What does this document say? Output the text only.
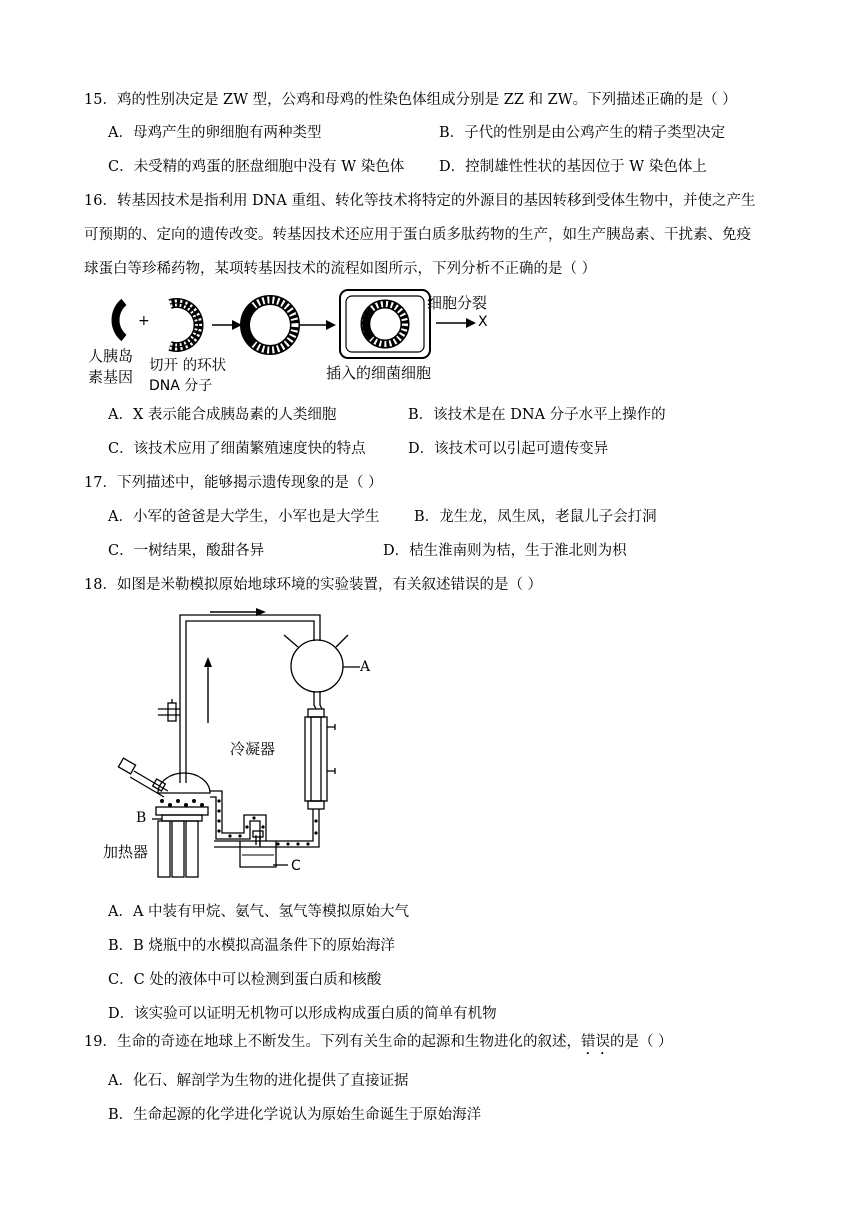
15．鸡的性别决定是 ZW 型，公鸡和母鸡的性染色体组成分别是 ZZ 和 ZW。下列描述正确的是（ ）
A．母鸡产生的卵细胞有两种类型	B．子代的性别是由公鸡产生的精子类型决定
C．未受精的鸡蛋的胚盘细胞中没有 W 染色体 D．控制雄性性状的基因位于 W 染色体上
16．转基因技术是指利用 DNA 重组、转化等技术将特定的外源目的基因转移到受体生物中，并使之产生
可预期的、定向的遗传改变。转基因技术还应用于蛋白质多肽药物的生产，如生产胰岛素、干扰素、免疫
球蛋白等珍稀药物，某项转基因技术的流程如图所示，下列分析不正确的是（ ）
人胰岛
素基因
+
切开 的环状
DNA 分子
插入的细菌细胞
细胞分裂
X
A．X 表示能合成胰岛素的人类细胞	B．该技术是在 DNA 分子水平上操作的
C．该技术应用了细菌繁殖速度快的特点	D．该技术可以引起可遗传变异
17．下列描述中，能够揭示遗传现象的是（ ）
A．小军的爸爸是大学生，小军也是大学生 B．龙生龙，凤生凤，老鼠儿子会打洞
C．一树结果，酸甜各异	D．桔生淮南则为桔，生于淮北则为枳
18．如图是米勒模拟原始地球环境的实验装置，有关叙述错误的是（ ）
A
冷凝器
B
加热器
C
A．A 中装有甲烷、氨气、氢气等模拟原始大气
B．B 烧瓶中的水模拟高温条件下的原始海洋
C．C 处的液体中可以检测到蛋白质和核酸
D．该实验可以证明无机物可以形成构成蛋白质的简单有机物
19．生命的奇迹在地球上不断发生。下列有关生命的起源和生物进化的叙述，错误的是（ ）
A．化石、解剖学为生物的进化提供了直接证据
B．生命起源的化学进化学说认为原始生命诞生于原始海洋
